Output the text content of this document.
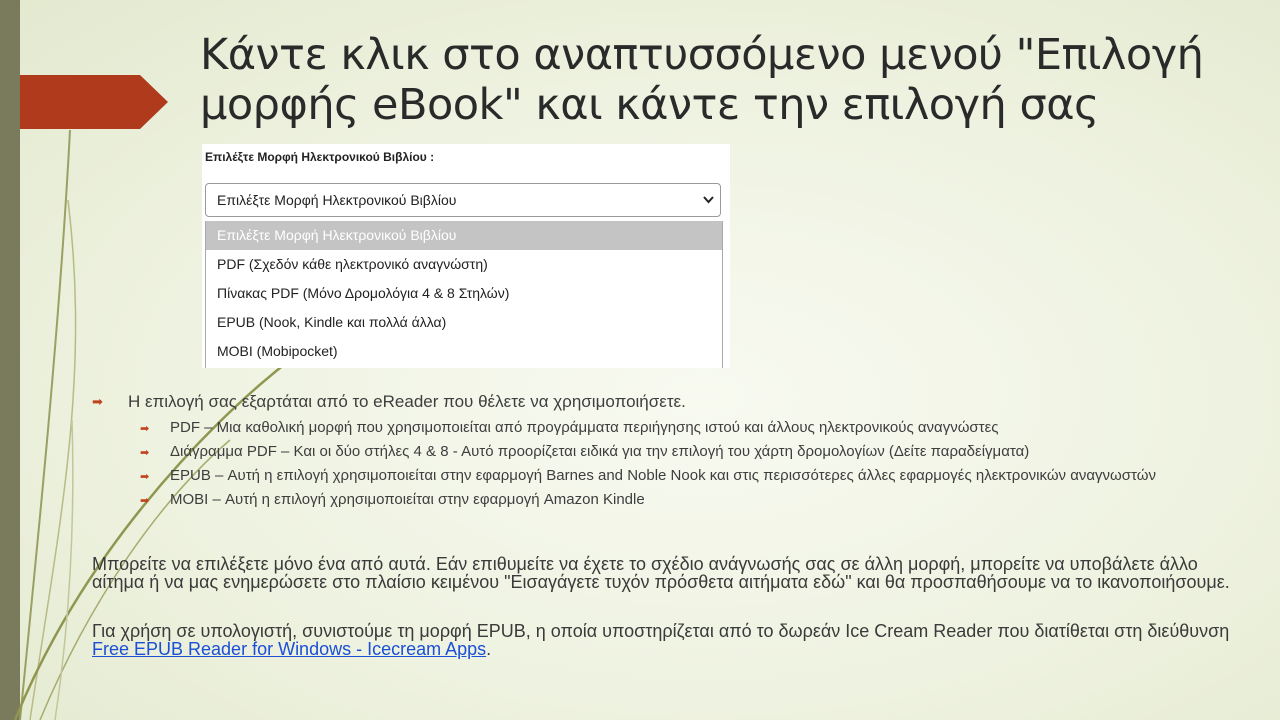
Κάντε κλικ στο αναπτυσσόμενο μενού "Επιλογή μορφής eBook" και κάντε την επιλογή σας
Επιλέξτε Μορφή Ηλεκτρονικού Βιβλίου :
Επιλέξτε Μορφή Ηλεκτρονικού Βιβλίου
Επιλέξτε Μορφή Ηλεκτρονικού Βιβλίου
PDF (Σχεδόν κάθε ηλεκτρονικό αναγνώστη)
Πίνακας PDF (Μόνο Δρομολόγια 4 & 8 Στηλών)
EPUB (Nook, Kindle και πολλά άλλα)
MOBI (Mobipocket)
➡ Η επιλογή σας εξαρτάται από το eReader που θέλετε να χρησιμοποιήσετε.
➡ PDF – Μια καθολική μορφή που χρησιμοποιείται από προγράμματα περιήγησης ιστού και άλλους ηλεκτρονικούς αναγνώστες
➡ Διάγραμμα PDF – Και οι δύο στήλες 4 & 8 - Αυτό προορίζεται ειδικά για την επιλογή του χάρτη δρομολογίων (Δείτε παραδείγματα)
➡ EPUB – Αυτή η επιλογή χρησιμοποιείται στην εφαρμογή Barnes and Noble Nook και στις περισσότερες άλλες εφαρμογές ηλεκτρονικών αναγνωστών
➡ MOBI – Αυτή η επιλογή χρησιμοποιείται στην εφαρμογή Amazon Kindle

Μπορείτε να επιλέξετε μόνο ένα από αυτά. Εάν επιθυμείτε να έχετε το σχέδιο ανάγνωσής σας σε άλλη μορφή, μπορείτε να υποβάλετε άλλο αίτημα ή να μας ενημερώσετε στο πλαίσιο κειμένου "Εισαγάγετε τυχόν πρόσθετα αιτήματα εδώ" και θα προσπαθήσουμε να το ικανοποιήσουμε.

Για χρήση σε υπολογιστή, συνιστούμε τη μορφή EPUB, η οποία υποστηρίζεται από το δωρεάν Ice Cream Reader που διατίθεται στη διεύθυνση Free EPUB Reader for Windows - Icecream Apps.
